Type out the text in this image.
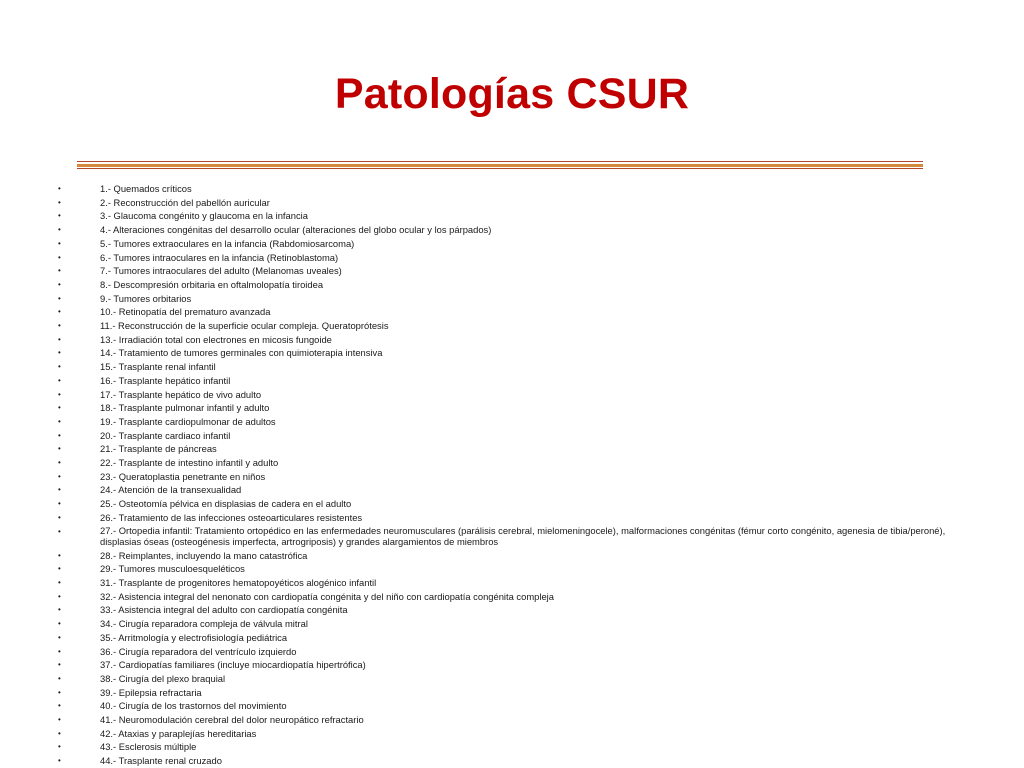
Patologías CSUR
•	1.- Quemados críticos
•	2.- Reconstrucción del pabellón auricular
•	3.- Glaucoma congénito y glaucoma en la infancia
•	4.- Alteraciones congénitas del desarrollo ocular (alteraciones del globo ocular y los párpados)
•	5.- Tumores extraoculares en la infancia (Rabdomiosarcoma)
•	6.- Tumores intraoculares en la infancia (Retinoblastoma)
•	7.- Tumores intraoculares del adulto (Melanomas uveales)
•	8.- Descompresión orbitaria en oftalmolopatía tiroidea
•	9.- Tumores orbitarios
•	10.- Retinopatía del prematuro avanzada
•	11.- Reconstrucción de la superficie ocular compleja. Queratoprótesis
•	13.- Irradiación total con electrones en micosis fungoide
•	14.- Tratamiento de tumores germinales con quimioterapia intensiva
•	15.- Trasplante renal infantil
•	16.- Trasplante hepático infantil
•	17.- Trasplante hepático de vivo adulto
•	18.- Trasplante pulmonar infantil y adulto
•	19.- Trasplante cardiopulmonar de adultos
•	20.- Trasplante cardiaco infantil
•	21.- Trasplante de páncreas
•	22.- Trasplante de intestino infantil y adulto
•	23.- Queratoplastia penetrante en niños
•	24.- Atención de la transexualidad
•	25.- Osteotomía pélvica en displasias de cadera en el adulto
•	26.- Tratamiento de las infecciones osteoarticulares resistentes
•	27.- Ortopedia infantil: Tratamiento ortopédico en las enfermedades neuromusculares (parálisis cerebral, mielomeningocele), malformaciones congénitas (fémur corto congénito, agenesia de tibia/peroné), displasias óseas (osteogénesis imperfecta, artrogriposis) y grandes alargamientos de miembros
•	28.- Reimplantes, incluyendo la mano catastrófica
•	29.- Tumores musculoesqueléticos
•	31.- Trasplante de progenitores hematopoyéticos alogénico infantil
•	32.- Asistencia integral del nenonato con cardiopatía congénita y del niño con cardiopatía congénita compleja
•	33.- Asistencia integral del adulto con cardiopatía congénita
•	34.- Cirugía reparadora compleja de válvula mitral
•	35.- Arritmología y electrofisiología pediátrica
•	36.- Cirugía reparadora del ventrículo izquierdo
•	37.- Cardiopatías familiares (incluye miocardiopatía hipertrófica)
•	38.- Cirugía del plexo braquial
•	39.- Epilepsia refractaria
•	40.- Cirugía de los trastornos del movimiento
•	41.- Neuromodulación cerebral del dolor neuropático refractario
•	42.- Ataxias y paraplejías hereditarias
•	43.- Esclerosis múltiple
•	44.- Trasplante renal cruzado
